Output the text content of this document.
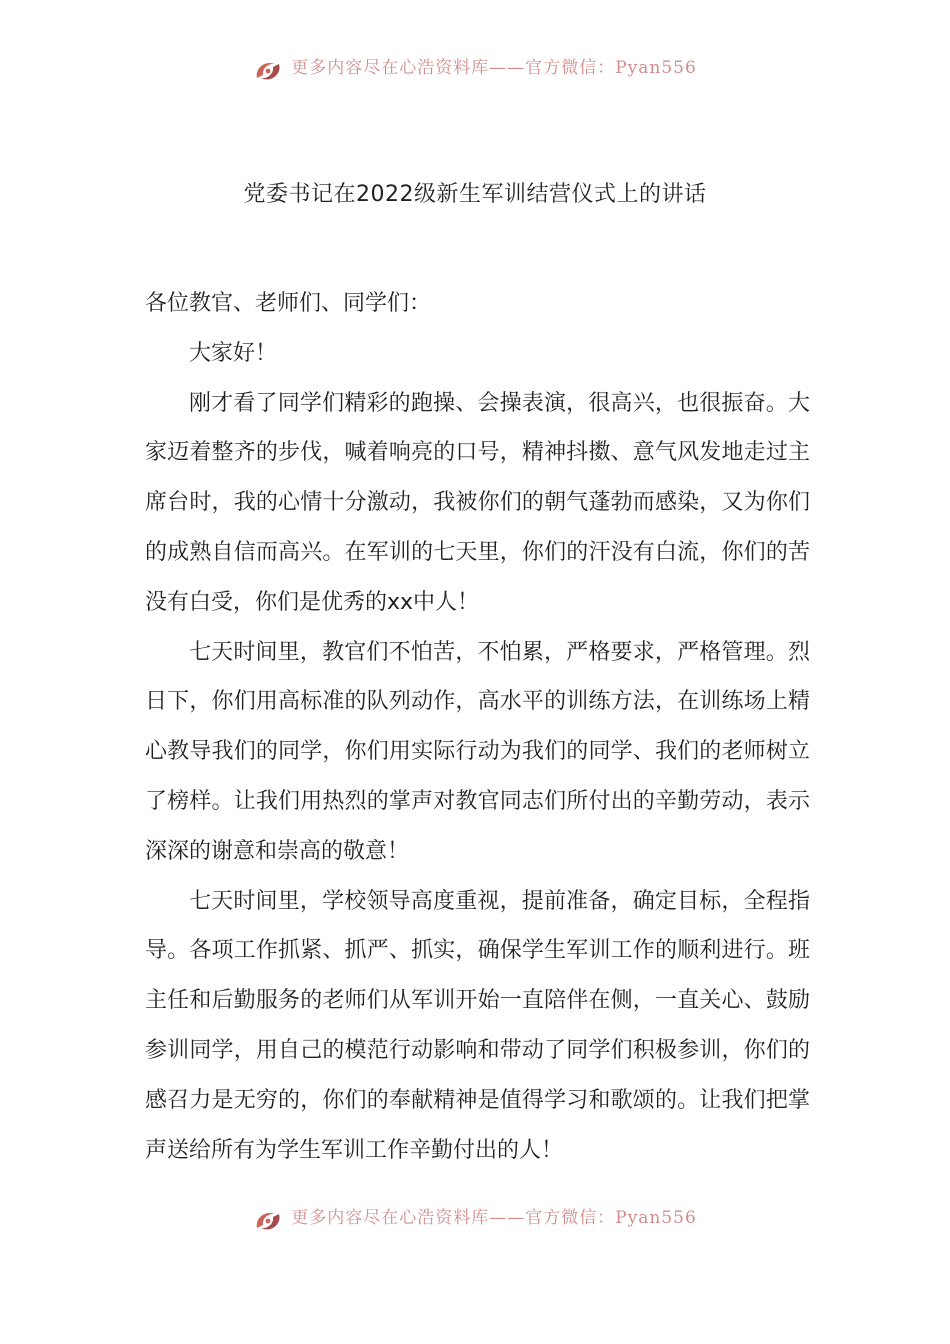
更多内容尽在心浩资料库——官方微信：Pyan556
党委书记在2022级新生军训结营仪式上的讲话

各位教官、老师们、同学们：

大家好！

刚才看了同学们精彩的跑操、会操表演，很高兴，也很振奋。大家迈着整齐的步伐，喊着响亮的口号，精神抖擞、意气风发地走过主席台时，我的心情十分激动，我被你们的朝气蓬勃而感染，又为你们的成熟自信而高兴。在军训的七天里，你们的汗没有白流，你们的苦没有白受，你们是优秀的xx中人！

七天时间里，教官们不怕苦，不怕累，严格要求，严格管理。烈日下，你们用高标准的队列动作，高水平的训练方法，在训练场上精心教导我们的同学，你们用实际行动为我们的同学、我们的老师树立了榜样。让我们用热烈的掌声对教官同志们所付出的辛勤劳动，表示深深的谢意和崇高的敬意！

七天时间里，学校领导高度重视，提前准备，确定目标，全程指导。各项工作抓紧、抓严、抓实，确保学生军训工作的顺利进行。班主任和后勤服务的老师们从军训开始一直陪伴在侧，一直关心、鼓励参训同学，用自己的模范行动影响和带动了同学们积极参训，你们的感召力是无穷的，你们的奉献精神是值得学习和歌颂的。让我们把掌声送给所有为学生军训工作辛勤付出的人！

更多内容尽在心浩资料库——官方微信：Pyan556
